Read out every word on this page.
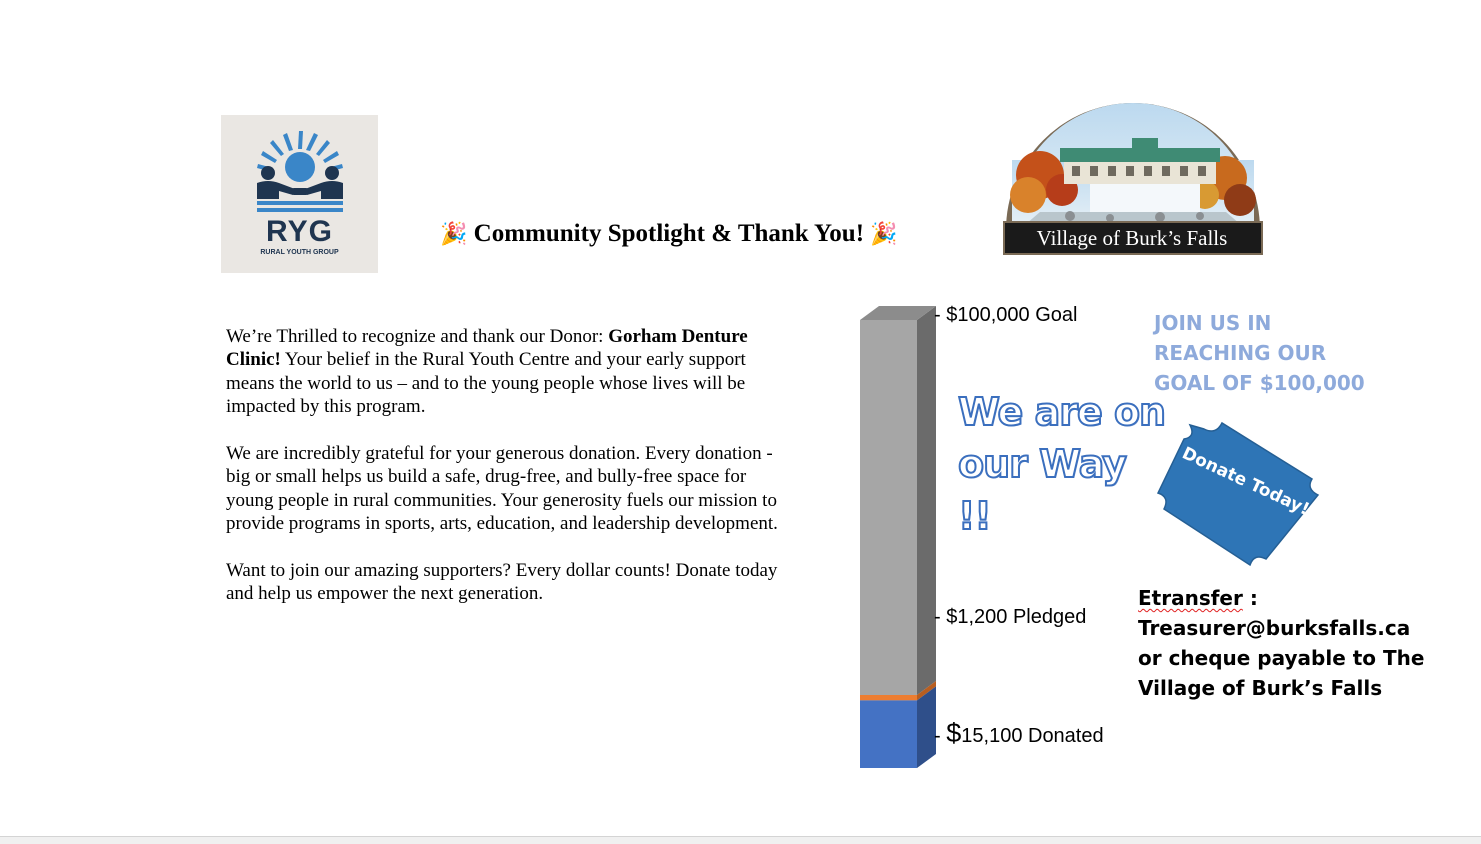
RYG
RURAL YOUTH GROUP
🎉 Community Spotlight & Thank You! 🎉	Village of Burk’s Falls

We’re Thrilled to recognize and thank our Donor: Gorham Denture Clinic! Your belief in the Rural Youth Centre and your early support means the world to us – and to the young people whose lives will be impacted by this program.

We are incredibly grateful for your generous donation. Every donation - big or small helps us build a safe, drug-free, and bully-free space for young people in rural communities. Your generosity fuels our mission to provide programs in sports, arts, education, and leadership development.

Want to join our amazing supporters? Every dollar counts! Donate today and help us empower the next generation.

- $100,000 Goal
- $1,200 Pledged
- $15,100 Donated
JOIN US IN REACHING OUR GOAL OF $100,000
We are on
our Way !!	Donate Today!
Etransfer :
Treasurer@burksfalls.ca or cheque payable to The Village of Burk’s Falls
